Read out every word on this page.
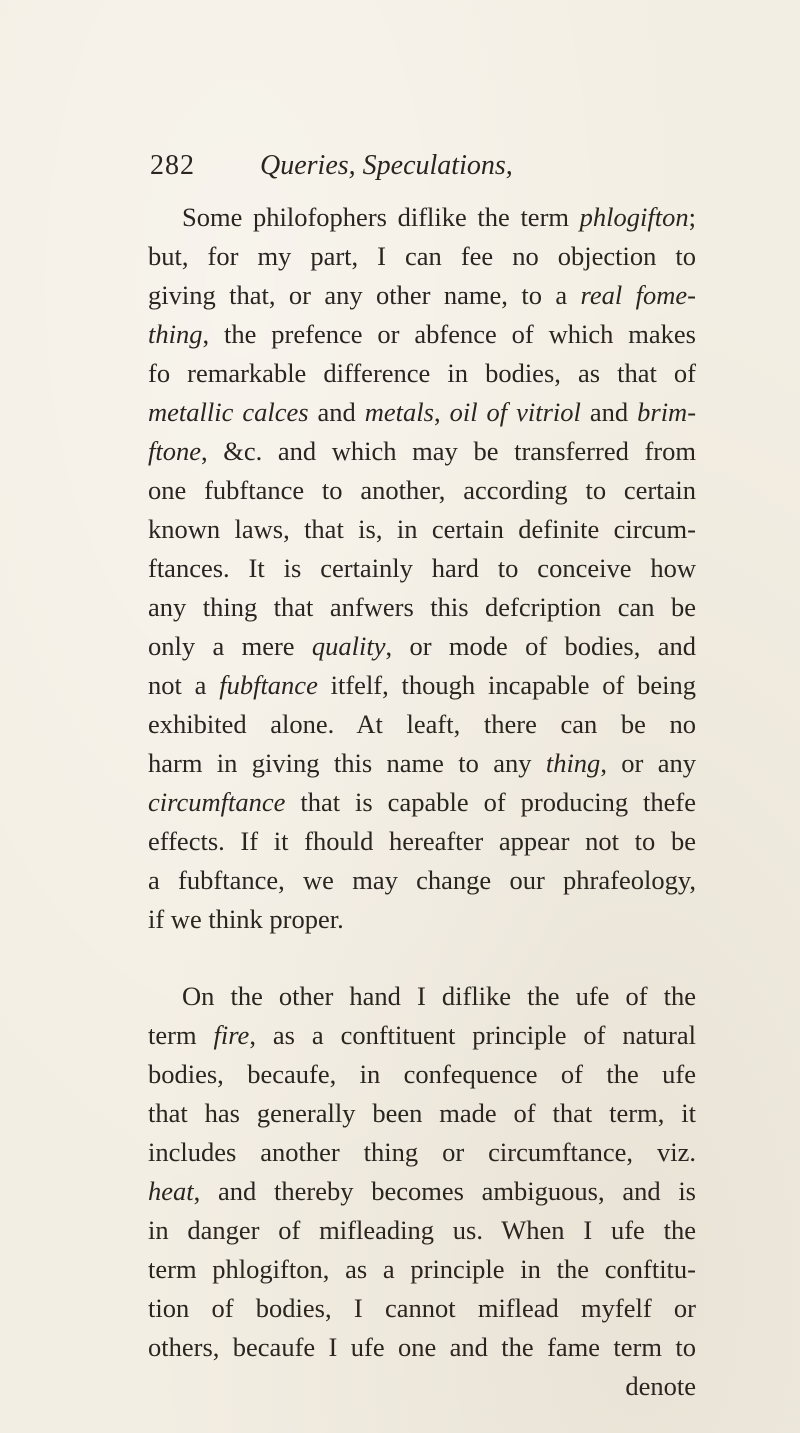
282 Queries, Speculations,
Some philofophers diflike the term phlogifton;
but, for my part, I can fee no objection to
giving that, or any other name, to a real fome-
thing, the prefence or abfence of which makes
fo remarkable difference in bodies, as that of
metallic calces and metals, oil of vitriol and brim-
ftone, &c. and which may be transferred from
one fubftance to another, according to certain
known laws, that is, in certain definite circum-
ftances. It is certainly hard to conceive how
any thing that anfwers this defcription can be
only a mere quality, or mode of bodies, and
not a fubftance itfelf, though incapable of being
exhibited alone. At leaft, there can be no
harm in giving this name to any thing, or any
circumftance that is capable of producing thefe
effects. If it fhould hereafter appear not to be
a fubftance, we may change our phrafeology,
if we think proper.
On the other hand I diflike the ufe of the
term fire, as a conftituent principle of natural
bodies, becaufe, in confequence of the ufe
that has generally been made of that term, it
includes another thing or circumftance, viz.
heat, and thereby becomes ambiguous, and is
in danger of mifleading us. When I ufe the
term phlogifton, as a principle in the conftitu-
tion of bodies, I cannot miflead myfelf or
others, becaufe I ufe one and the fame term to
denote
